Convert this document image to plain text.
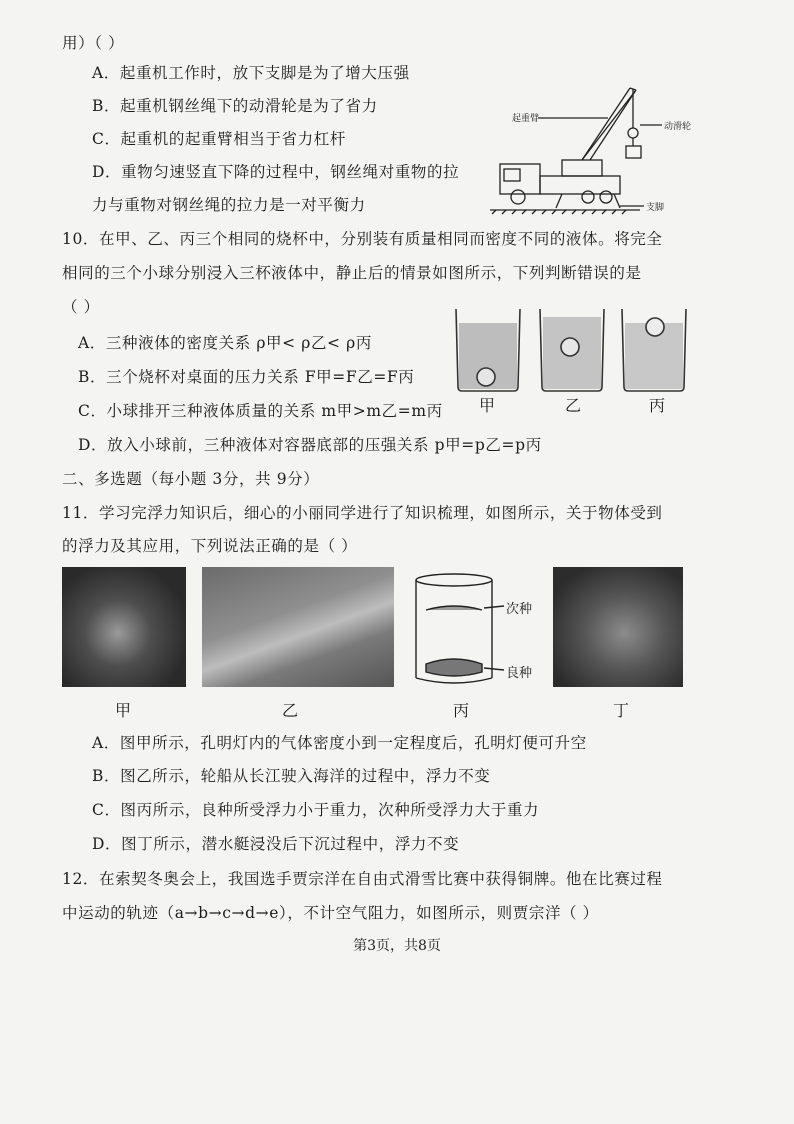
用）（ ）
A．起重机工作时，放下支脚是为了增大压强
B．起重机钢丝绳下的动滑轮是为了省力
C．起重机的起重臂相当于省力杠杆
D．重物匀速竖直下降的过程中，钢丝绳对重物的拉
力与重物对钢丝绳的拉力是一对平衡力
起重臂
动滑轮
支脚
10．在甲、乙、丙三个相同的烧杯中，分别装有质量相同而密度不同的液体。将完全
相同的三个小球分别浸入三杯液体中，静止后的情景如图所示，下列判断错误的是
（ ）
A．三种液体的密度关系 ρ甲< ρ乙< ρ丙
B．三个烧杯对桌面的压力关系 F甲=F乙=F丙
C．小球排开三种液体质量的关系 m甲>m乙=m丙
D．放入小球前，三种液体对容器底部的压强关系 p甲=p乙=p丙
甲	乙	丙
二、多选题（每小题 3分，共 9分）
11．学习完浮力知识后，细心的小丽同学进行了知识梳理，如图所示，关于物体受到
的浮力及其应用，下列说法正确的是（ ）
次种
良种
甲	乙	丙	丁
A．图甲所示，孔明灯内的气体密度小到一定程度后，孔明灯便可升空
B．图乙所示，轮船从长江驶入海洋的过程中，浮力不变
C．图丙所示，良种所受浮力小于重力，次种所受浮力大于重力
D．图丁所示，潜水艇浸没后下沉过程中，浮力不变
12．在索契冬奥会上，我国选手贾宗洋在自由式滑雪比赛中获得铜牌。他在比赛过程
中运动的轨迹（a→b→c→d→e），不计空气阻力，如图所示，则贾宗洋（ ）
第3页，共8页
